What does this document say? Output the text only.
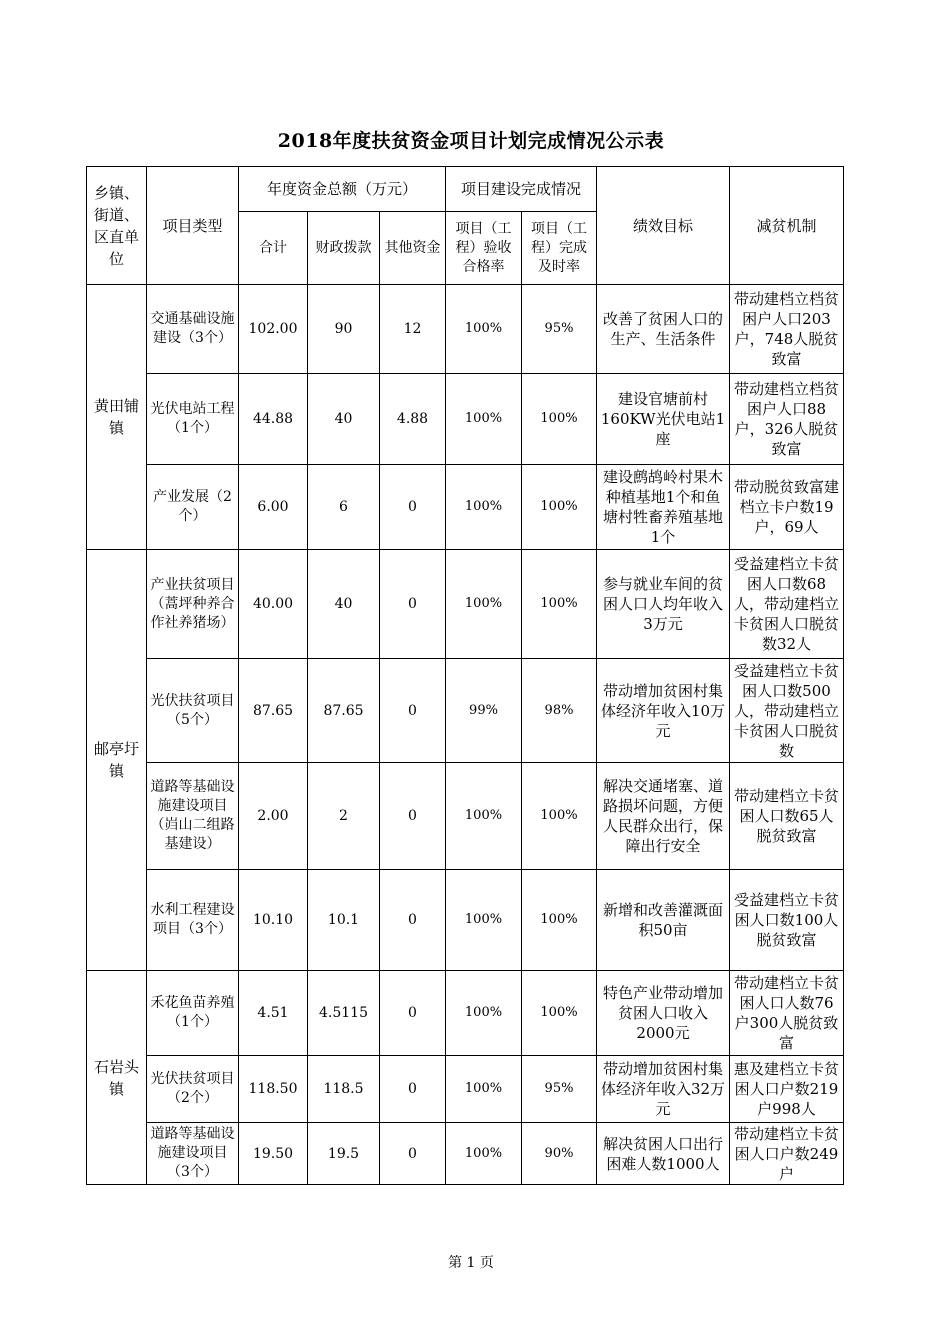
2018年度扶贫资金项目计划完成情况公示表
乡镇、街道、区直单位	项目类型	年度资金总额（万元）			项目建设完成情况		绩效目标	减贫机制
		合计	财政拨款	其他资金	项目（工程）验收合格率	项目（工程）完成及时率		
黄田铺镇	交通基础设施建设（3个）	102.00	90	12	100%	95%	改善了贫困人口的生产、生活条件	带动建档立档贫困户人口203户，748人脱贫致富
	光伏电站工程（1个）	44.88	40	4.88	100%	100%	建设官塘前村160KW光伏电站1座	带动建档立档贫困户人口88户，326人脱贫致富
	产业发展（2个）	6.00	6	0	100%	100%	建设鹧鸪岭村果木种植基地1个和鱼塘村牲畜养殖基地1个	带动脱贫致富建档立卡户数19户，69人
邮亭圩镇	产业扶贫项目（蒿坪种养合作社养猪场）	40.00	40	0	100%	100%	参与就业车间的贫困人口人均年收入3万元	受益建档立卡贫困人口数68人，带动建档立卡贫困人口脱贫数32人
	光伏扶贫项目（5个）	87.65	87.65	0	99%	98%	带动增加贫困村集体经济年收入10万元	受益建档立卡贫困人口数500人，带动建档立卡贫困人口脱贫数
	道路等基础设施建设项目（岿山二组路基建设）	2.00	2	0	100%	100%	解决交通堵塞、道路损坏问题，方便人民群众出行，保障出行安全	带动建档立卡贫困人口数65人脱贫致富
	水利工程建设项目（3个）	10.10	10.1	0	100%	100%	新增和改善灌溉面积50亩	受益建档立卡贫困人口数100人脱贫致富
石岩头镇	禾花鱼苗养殖（1个）	4.51	4.5115	0	100%	100%	特色产业带动增加贫困人口收入2000元	带动建档立卡贫困人口人数76户300人脱贫致富
	光伏扶贫项目（2个）	118.50	118.5	0	100%	95%	带动增加贫困村集体经济年收入32万元	惠及建档立卡贫困人口户数219户998人
	道路等基础设施建设项目（3个）	19.50	19.5	0	100%	90%	解决贫困人口出行困难人数1000人	带动建档立卡贫困人口户数249户
第 1 页
